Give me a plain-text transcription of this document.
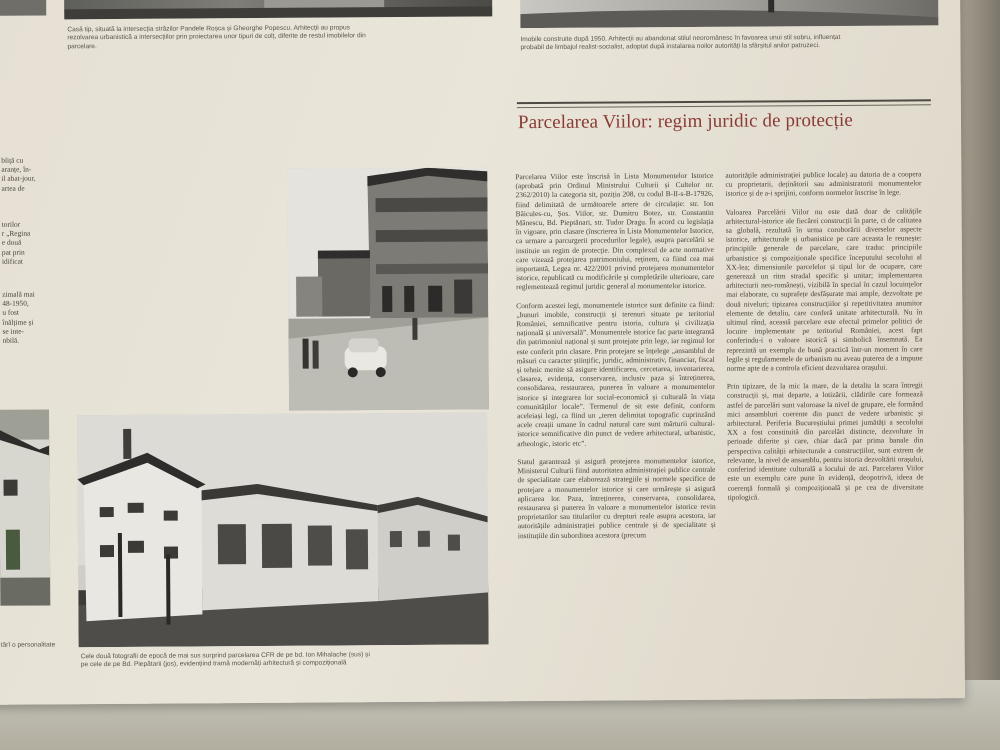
Casă tip, situată la intersecția străzilor Pandele Roșca și Gheorghe Popescu. Arhitecții au propus rezolvarea urbanistică a intersecțiilor prin proiectarea unor tipuri de colț, diferite de restul imobilelor din parcelare.
Imobile construite după 1950. Arhitecții au abandonat stilul neoromânesc în favoarea unui stil sobru, influențat probabil de limbajul realist-socialist, adoptat după instalarea noilor autorități la sfârșitul anilor patruzeci.
bliță cu
aranțe, în-
il abat-jour,
artea de
torilor
r „Regina
e două
pat prin
idificat
zimală mai
48-1950,
u fost
înălțime și
se inte-
nbilă.
Cele două fotografii de epocă de mai sus surprind parcelarea CFR de pe bd. Ion Mihalache (sus) și pe cele de pe Bd. Piepătarii (jos), evidențiind tramă modernăți arhitectură și compozițională
tărî o personalitate
Parcelarea Viilor: regim juridic de protecție

Parcelarea Viilor este înscrisă în Lista Monumentelor Istorice (aprobată prin Ordinul Ministrului Culturii și Cultelor nr. 2362/2010) la categoria sit, poziția 208, cu codul B-II-s-B-17926, fiind delimitată de următoarele artere de circulație: str. Ion Băicules-cu, Șos. Viilor, str. Dumitru Botez, str. Constantin Mănescu, Bd. Pieptănari, str. Tudor Dragu. În acord cu legislația în vigoare, prin clasare (înscrierea în Lista Monumentelor Istorice, ca urmare a parcurgerii procedurilor legale), asupra parcelării se instituie un regim de protecție. Din complexul de acte normative care vizează protejarea patrimoniului, reținem, ca fiind cea mai importantă, Legea nr. 422/2001 privind protejarea monumentelor istorice, republicată cu modificările și completările ulterioare, care reglementează regimul juridic general al monumentelor istorice.

Conform acestei legi, monumentele istorice sunt definite ca fiind: „bunuri imobile, construcții și terenuri situate pe teritoriul României, semnificative pentru istoria, cultura și civilizația națională și universală”. Monumentele istorice fac parte integrantă din patrimoniul național și sunt protejate prin lege, iar regimul lor este conferit prin clasare. Prin protejare se înțelege „ansamblul de măsuri cu caracter științific, juridic, administrativ, financiar, fiscal și tehnic menite să asigure identificarea, cercetarea, inventarierea, clasarea, evidența, conservarea, inclusiv paza și întreținerea, consolidarea, restaurarea, punerea în valoare a monumentelor istorice și integrarea lor social-economică și culturală în viața comunităților locale”. Termenul de sit este definit, conform aceleiași legi, ca fiind un „teren delimitat topografic cuprinzând acele creații umane în cadrul natural care sunt mărturii cultural-istorice semnificative din punct de vedere arhitectural, urbanistic, arheologic, istoric etc”.

Statul garantează și asigură protejarea monumentelor istorice, Ministerul Culturii fiind autoritatea administrației publice centrale de specialitate care elaborează strategiile și normele specifice de protejare a monumentelor istorice și care urmărește și asigură aplicarea lor. Paza, întreținerea, conservarea, consolidarea, restaurarea și punerea în valoare a monumentelor istorice revin proprietarilor sau titularilor cu drepturi reale asupra acestora, iar autoritățile administrației publice centrale și de specialitate și instituțiile din subordinea acestora (precum

autoritățile administrației publice locale) au datoria de a coopera cu proprietarii, deținătorii sau administratorii monumentelor istorice și de a-i sprijini, conform normelor înscrise în lege.

Valoarea Parcelării Viilor nu este dată doar de calitățile arhitectural-istorice ale fiecărei construcții în parte, ci de calitatea sa globală, rezultată în urma coroborării diverselor aspecte istorice, arhitecturale și urbanistice pe care aceasta le reunește: principiile generale de parcelare, care traduc principiile urbanistice și compoziționale specifice începutului secolului al XX-lea; dimensiunile parcelelor și tipul lor de ocupare, care generează un ritm stradal specific și unitar; implementarea arhitecturii neo-românești, vizibilă în special în cazul locuințelor mai elaborate, cu suprafețe desfășurate mai ample, dezvoltate pe două niveluri; tipizarea construcțiilor și repetitivitatea anumitor elemente de detaliu, care conferă unitate arhitecturală. Nu în ultimul rând, această parcelare este efectul primelor politici de locuire implementate pe teritoriul României, acest fapt conferindu-i o valoare istorică și simbolică însemnată. Ea reprezintă un exemplu de bună practică într-un moment în care legile și regulamentele de urbanism nu aveau puterea de a impune norme aptе de a controla eficient dezvoltarea orașului.

Prin tipizare, de la mic la mare, de la detaliu la scara întregii construcții și, mai departe, a lotizării, clădirile care formează astfel de parcelări sunt valoroase la nivel de grupare, ele formând mici ansambluri coerente din punct de vedere urbanistic și arhitectural. Periferia Bucureștiului primei jumătăți a secolului XX a fost constituită din parcelări distincte, dezvoltate în perioade diferite și care, chiar dacă par prima banale din perspectiva calității arhitecturale a construcțiilor, sunt extrem de relevante, la nivel de ansamblu, pentru istoria dezvoltării orașului, conferind identitate culturală a locului de azi. Parcelarea Viilor este un exemplu care pune în evidență, deopotrivă, ideea de coerență formală și compozițională și pe cea de diversitate tipologică.
